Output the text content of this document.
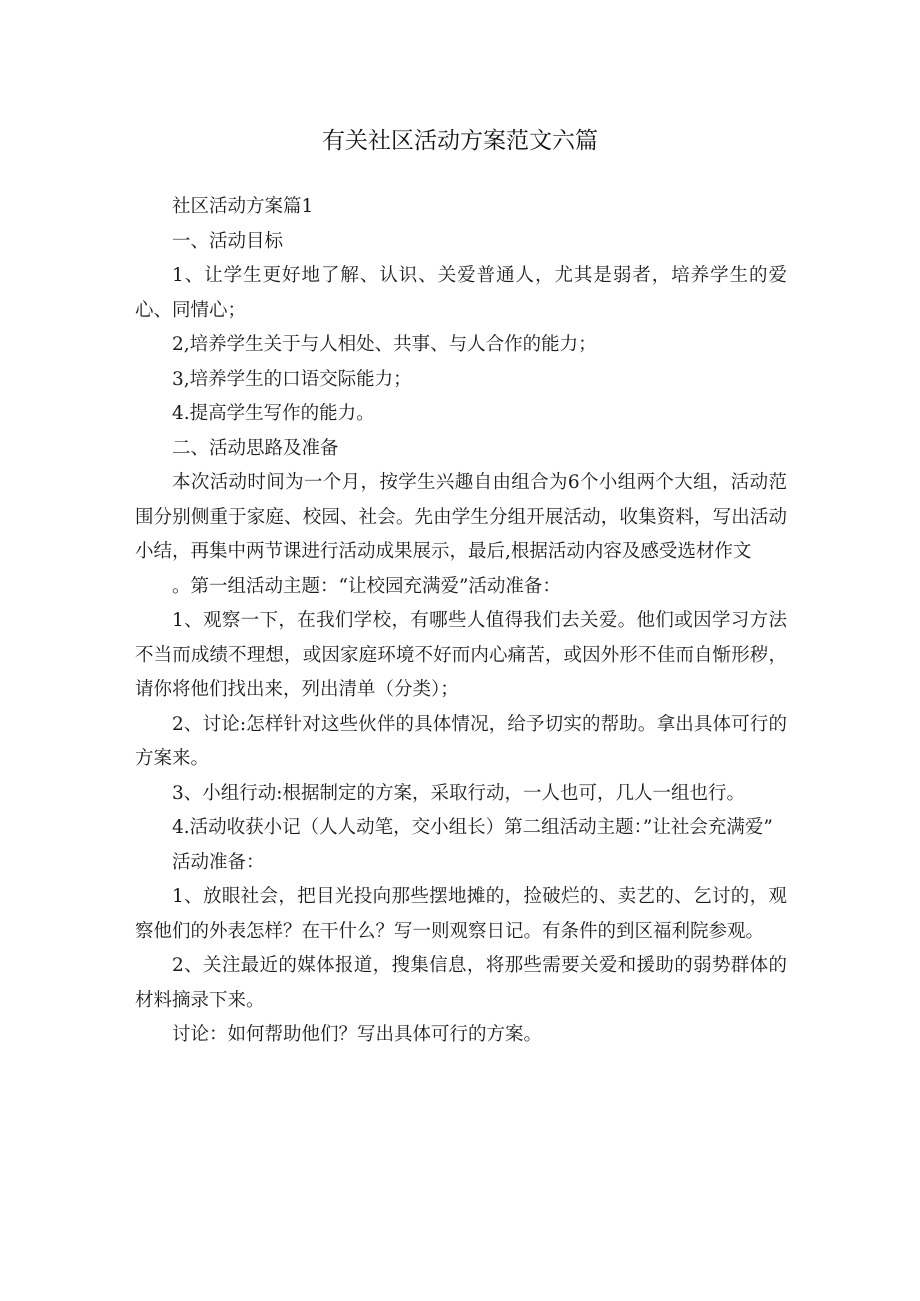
有关社区活动方案范文六篇

社区活动方案篇1

一、活动目标

1、让学生更好地了解、认识、关爱普通人，尤其是弱者，培养学生的爱心、同情心；

2,培养学生关于与人相处、共事、与人合作的能力；

3,培养学生的口语交际能力；

4.提高学生写作的能力。

二、活动思路及准备

本次活动时间为一个月，按学生兴趣自由组合为6个小组两个大组，活动范围分别侧重于家庭、校园、社会。先由学生分组开展活动，收集资料，写出活动小结，再集中两节课进行活动成果展示，最后,根据活动内容及感受选材作文

。第一组活动主题：“让校园充满爱”活动准备：

1、观察一下，在我们学校，有哪些人值得我们去关爱。他们或因学习方法不当而成绩不理想，或因家庭环境不好而内心痛苦，或因外形不佳而自惭形秽，请你将他们找出来，列出清单（分类）；

2、讨论:怎样针对这些伙伴的具体情况，给予切实的帮助。拿出具体可行的方案来。

3、小组行动:根据制定的方案，采取行动，一人也可，几人一组也行。

4.活动收获小记（人人动笔，交小组长）第二组活动主题：”让社会充满爱”

活动准备：

1、放眼社会，把目光投向那些摆地摊的，捡破烂的、卖艺的、乞讨的，观察他们的外表怎样？在干什么？写一则观察日记。有条件的到区福利院参观。

2、关注最近的媒体报道，搜集信息，将那些需要关爱和援助的弱势群体的材料摘录下来。

讨论：如何帮助他们？写出具体可行的方案。
